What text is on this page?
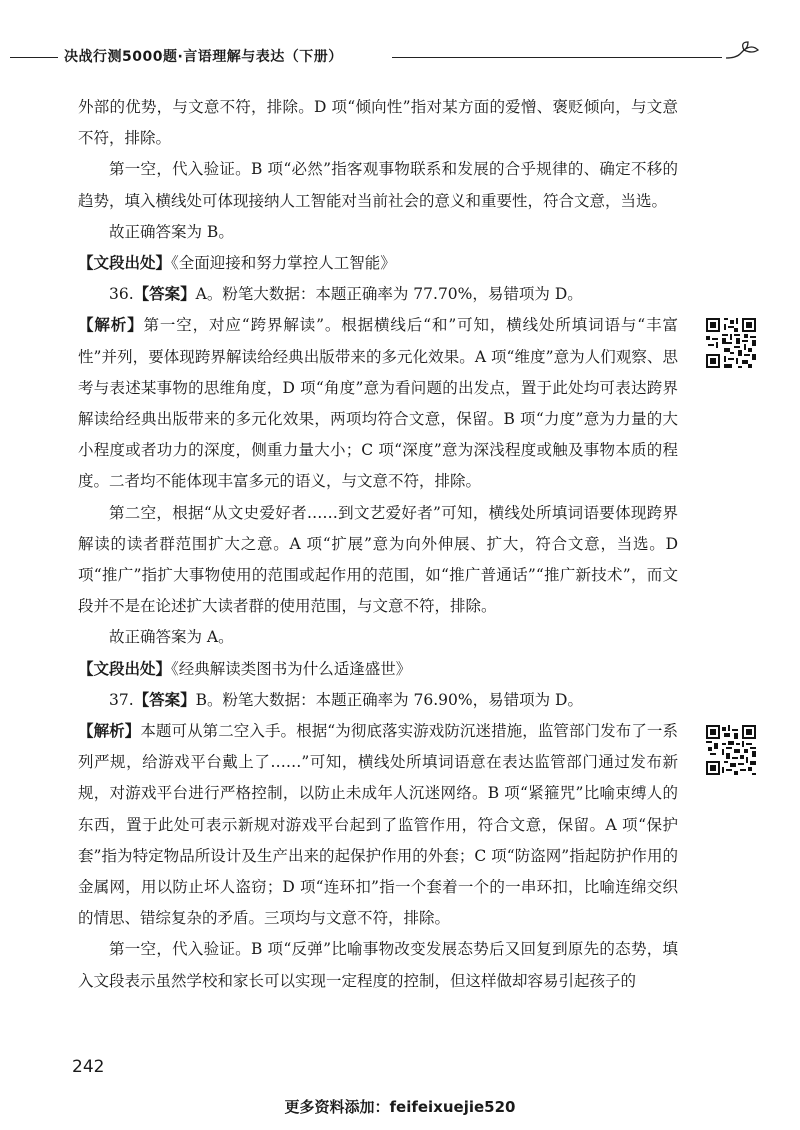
决战行测5000题·言语理解与表达（下册）

外部的优势，与文意不符，排除。D 项“倾向性”指对某方面的爱憎、褒贬倾向，与文意不符，排除。

第一空，代入验证。B 项“必然”指客观事物联系和发展的合乎规律的、确定不移的趋势，填入横线处可体现接纳人工智能对当前社会的意义和重要性，符合文意，当选。

故正确答案为 B。

【文段出处】《全面迎接和努力掌控人工智能》

36.【答案】A。粉笔大数据：本题正确率为 77.70%，易错项为 D。

【解析】第一空，对应“跨界解读”。根据横线后“和”可知，横线处所填词语与“丰富性”并列，要体现跨界解读给经典出版带来的多元化效果。A 项“维度”意为人们观察、思考与表述某事物的思维角度，D 项“角度”意为看问题的出发点，置于此处均可表达跨界解读给经典出版带来的多元化效果，两项均符合文意，保留。B 项“力度”意为力量的大小程度或者功力的深度，侧重力量大小；C 项“深度”意为深浅程度或触及事物本质的程度。二者均不能体现丰富多元的语义，与文意不符，排除。

第二空，根据“从文史爱好者……到文艺爱好者”可知，横线处所填词语要体现跨界解读的读者群范围扩大之意。A 项“扩展”意为向外伸展、扩大，符合文意，当选。D 项“推广”指扩大事物使用的范围或起作用的范围，如“推广普通话”“推广新技术”，而文段并不是在论述扩大读者群的使用范围，与文意不符，排除。

故正确答案为 A。

【文段出处】《经典解读类图书为什么适逢盛世》

37.【答案】B。粉笔大数据：本题正确率为 76.90%，易错项为 D。

【解析】本题可从第二空入手。根据“为彻底落实游戏防沉迷措施，监管部门发布了一系列严规，给游戏平台戴上了……”可知，横线处所填词语意在表达监管部门通过发布新规，对游戏平台进行严格控制，以防止未成年人沉迷网络。B 项“紧箍咒”比喻束缚人的东西，置于此处可表示新规对游戏平台起到了监管作用，符合文意，保留。A 项“保护套”指为特定物品所设计及生产出来的起保护作用的外套；C 项“防盗网”指起防护作用的金属网，用以防止坏人盗窃；D 项“连环扣”指一个套着一个的一串环扣，比喻连绵交织的情思、错综复杂的矛盾。三项均与文意不符，排除。

第一空，代入验证。B 项“反弹”比喻事物改变发展态势后又回复到原先的态势，填入文段表示虽然学校和家长可以实现一定程度的控制，但这样做却容易引起孩子的

242
更多资料添加：feifeixuejie520
